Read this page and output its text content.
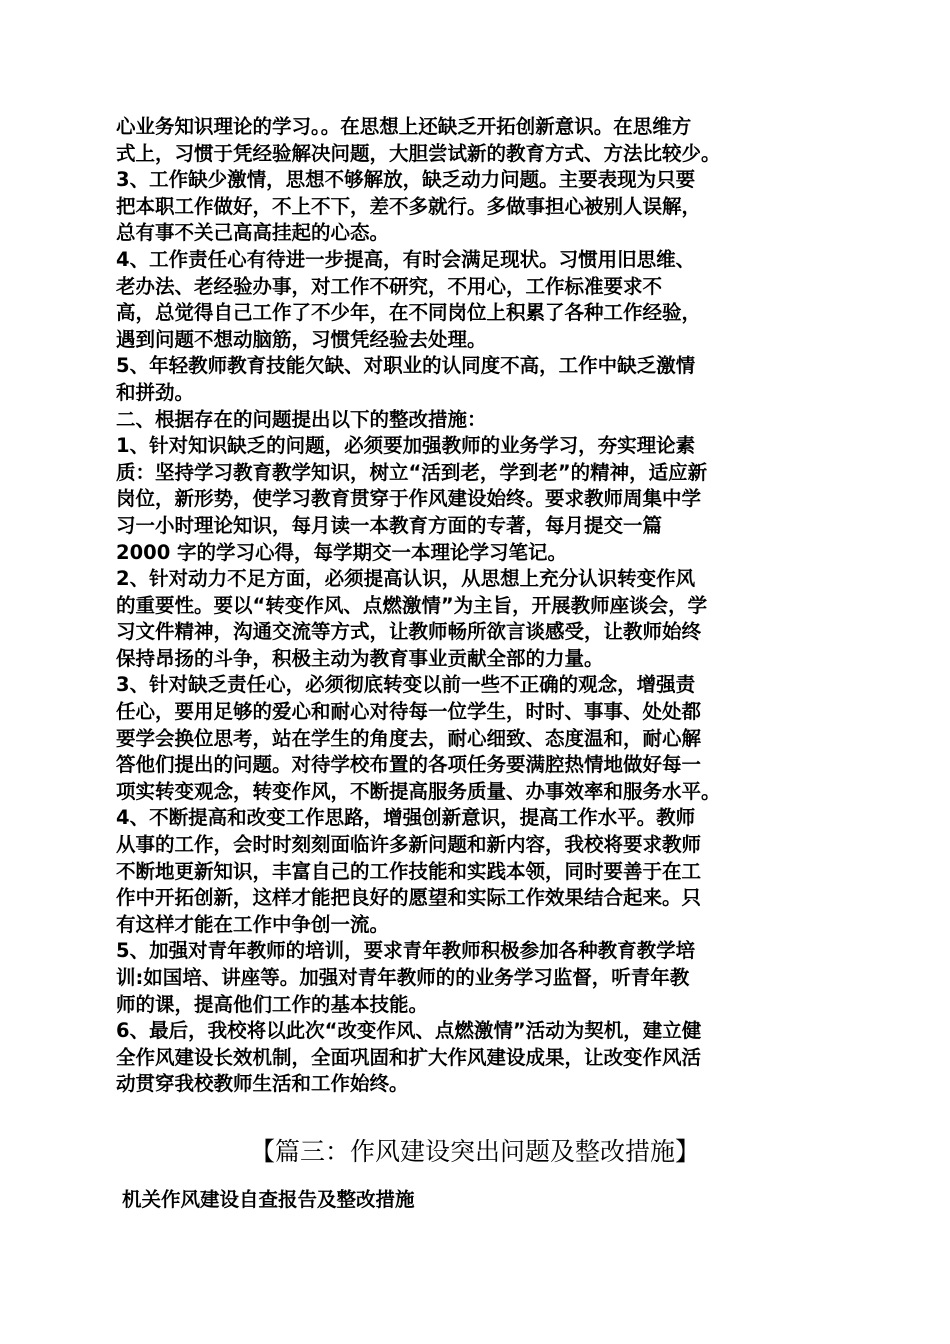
心业务知识理论的学习。。在思想上还缺乏开拓创新意识。在思维方
式上，习惯于凭经验解决问题，大胆尝试新的教育方式、方法比较少。
3、工作缺少激情，思想不够解放，缺乏动力问题。主要表现为只要
把本职工作做好，不上不下，差不多就行。多做事担心被别人误解，
总有事不关己高高挂起的心态。
4、工作责任心有待进一步提高，有时会满足现状。习惯用旧思维、
老办法、老经验办事，对工作不研究，不用心，工作标准要求不
高，总觉得自己工作了不少年，在不同岗位上积累了各种工作经验，
遇到问题不想动脑筋，习惯凭经验去处理。
5、年轻教师教育技能欠缺、对职业的认同度不高，工作中缺乏激情
和拼劲。
二、根据存在的问题提出以下的整改措施：
1、针对知识缺乏的问题，必须要加强教师的业务学习，夯实理论素
质：坚持学习教育教学知识，树立“活到老，学到老”的精神，适应新
岗位，新形势，使学习教育贯穿于作风建设始终。要求教师周集中学
习一小时理论知识，每月读一本教育方面的专著，每月提交一篇
2000 字的学习心得，每学期交一本理论学习笔记。
2、针对动力不足方面，必须提高认识，从思想上充分认识转变作风
的重要性。要以“转变作风、点燃激情”为主旨，开展教师座谈会，学
习文件精神，沟通交流等方式，让教师畅所欲言谈感受，让教师始终
保持昂扬的斗争，积极主动为教育事业贡献全部的力量。
3、针对缺乏责任心，必须彻底转变以前一些不正确的观念，增强责
任心，要用足够的爱心和耐心对待每一位学生，时时、事事、处处都
要学会换位思考，站在学生的角度去，耐心细致、态度温和，耐心解
答他们提出的问题。对待学校布置的各项任务要满腔热情地做好每一
项实转变观念，转变作风，不断提高服务质量、办事效率和服务水平。
4、不断提高和改变工作思路，增强创新意识，提高工作水平。教师
从事的工作，会时时刻刻面临许多新问题和新内容，我校将要求教师
不断地更新知识，丰富自己的工作技能和实践本领，同时要善于在工
作中开拓创新，这样才能把良好的愿望和实际工作效果结合起来。只
有这样才能在工作中争创一流。
5、加强对青年教师的培训，要求青年教师积极参加各种教育教学培
训:如国培、讲座等。加强对青年教师的的业务学习监督，听青年教
师的课，提高他们工作的基本技能。
6、最后，我校将以此次“改变作风、点燃激情”活动为契机，建立健
全作风建设长效机制，全面巩固和扩大作风建设成果，让改变作风活
动贯穿我校教师生活和工作始终。
【篇三：作风建设突出问题及整改措施】
机关作风建设自查报告及整改措施
